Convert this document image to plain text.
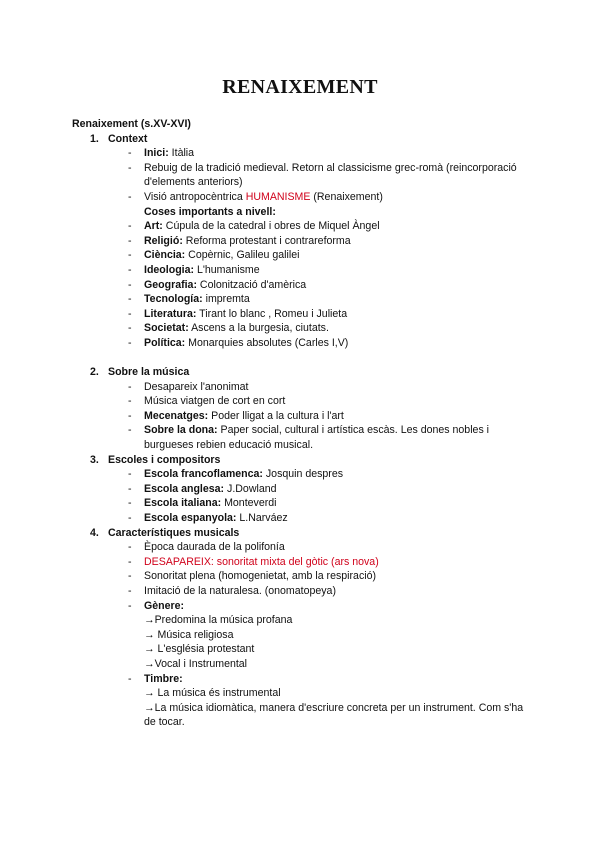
RENAIXEMENT
Renaixement (s.XV-XVI)
1. Context
- Inici: Itàlia
- Rebuig de la tradició medieval. Retorn al classicisme grec-romà (reincorporació d'elements anteriors)
- Visió antropocèntrica HUMANISME (Renaixement)
Coses importants a nivell:
- Art: Cúpula de la catedral i obres de Miquel Àngel
- Religió: Reforma protestant i contrareforma
- Ciència: Copèrnic, Galileu galilei
- Ideologia: L'humanisme
- Geografia: Colonització d'amèrica
- Tecnología: impremta
- Literatura: Tirant lo blanc , Romeu i Julieta
- Societat: Ascens a la burgesia, ciutats.
- Política: Monarquies absolutes (Carles I,V)
2. Sobre la música
- Desapareix l'anonimat
- Música viatgen de cort en cort
- Mecenatges: Poder lligat a la cultura i l'art
- Sobre la dona: Paper social, cultural i artística escàs. Les dones nobles i burgueses rebien educació musical.
3. Escoles i compositors
- Escola francoflamenca: Josquin despres
- Escola anglesa: J.Dowland
- Escola italiana: Monteverdi
- Escola espanyola: L.Narváez
4. Característiques musicals
- Època daurada de la polifonía
- DESAPAREIX: sonoritat mixta del gòtic (ars nova)
- Sonoritat plena (homogenietat, amb la respiració)
- Imitació de la naturalesa. (onomatopeya)
- Gènere:
→Predomina la música profana
→ Música religiosa
→ L'església protestant
→Vocal i Instrumental
- Timbre:
→ La música és instrumental
→La música idiomàtica, manera d'escriure concreta per un instrument. Com s'ha de tocar.
